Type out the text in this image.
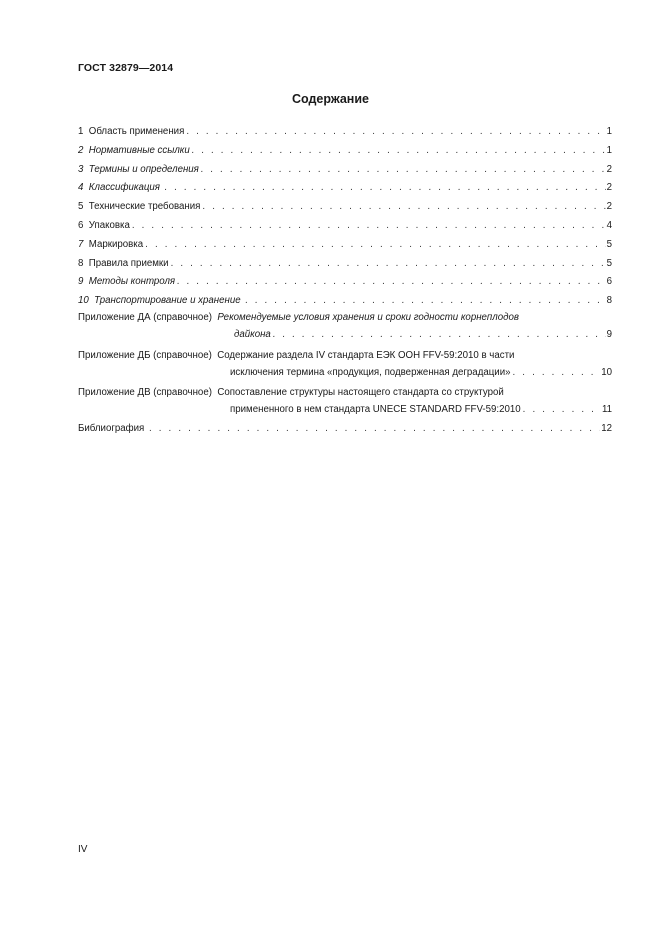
ГОСТ 32879—2014
Содержание
1 Область применения . . .	1
2 Нормативные ссылки . . .	1
3 Термины и определения . . .	2
4 Классификация . . .	2
5 Технические требования . . .	2
6 Упаковка . . .	4
7 Маркировка . . .	5
8 Правила приемки . . .	5
9 Методы контроля . . .	6
10 Транспортирование и хранение . . .	8
Приложение ДА (справочное) Рекомендуемые условия хранения и сроки годности корнеплодов
дайкона . . .	9
Приложение ДБ (справочное) Содержание раздела IV стандарта ЕЭК ООН FFV-59:2010 в части
исключения термина «продукция, подверженная деградации» . . .	10
Приложение ДВ (справочное) Сопоставление структуры настоящего стандарта со структурой
примененного в нем стандарта UNECE STANDARD FFV-59:2010 . . .	11
Библиография . . .	12
IV
